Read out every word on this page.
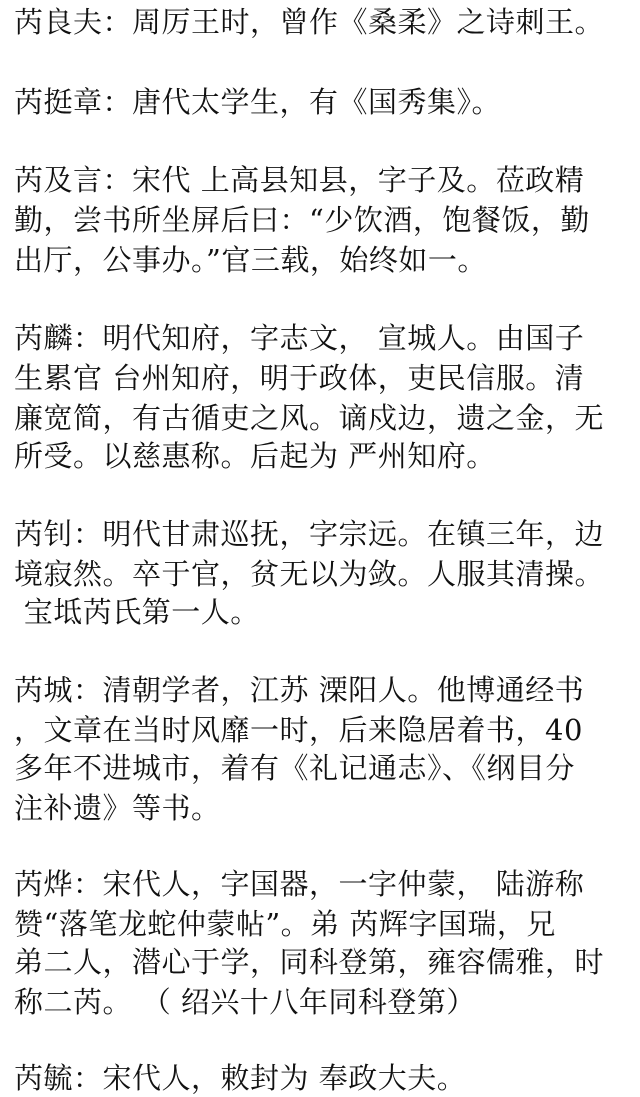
芮良夫：周厉王时，曾作《桑柔》之诗刺王。
芮挺章：唐代太学生，有《国秀集》。
芮及言：宋代 上高县知县，字子及。莅政精
勤，尝书所坐屏后曰：“少饮酒，饱餐饭，勤
出厅，公事办。”官三载，始终如一。
芮麟：明代知府，字志文， 宣城人。由国子
生累官 台州知府，明于政体，吏民信服。清
廉宽简，有古循吏之风。谪戍边，遗之金，无
所受。以慈惠称。后起为 严州知府。
芮钊：明代甘肃巡抚，字宗远。在镇三年，边
境寂然。卒于官，贫无以为敛。人服其清操。
宝坻芮氏第一人。
芮城：清朝学者，江苏 溧阳人。他博通经书
，文章在当时风靡一时，后来隐居着书，40
多年不进城市，着有《礼记通志》、《纲目分
注补遗》等书。
芮烨：宋代人，字国器，一字仲蒙， 陆游称
赞“落笔龙蛇仲蒙帖”。弟 芮辉字国瑞，兄
弟二人，潜心于学，同科登第，雍容儒雅，时
称二芮。 （ 绍兴十八年同科登第）
芮毓：宋代人，敕封为 奉政大夫。
